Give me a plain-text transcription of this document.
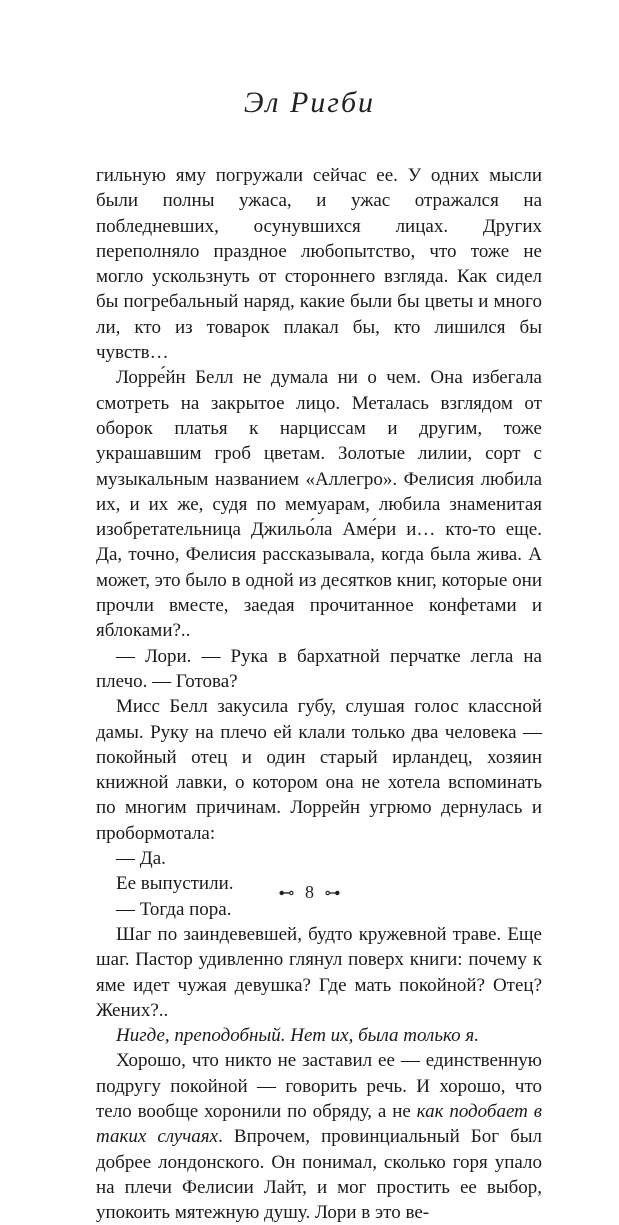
Эл Ригби

гильную яму погружали сейчас ее. У одних мысли были полны ужаса, и ужас отражался на побледневших, осунувшихся лицах. Других переполняло праздное любопытство, что тоже не могло ускользнуть от стороннего взгляда. Как сидел бы погребальный наряд, какие были бы цветы и много ли, кто из товарок плакал бы, кто лишился бы чувств…

Лорре́йн Белл не думала ни о чем. Она избегала смотреть на закрытое лицо. Металась взглядом от оборок платья к нарциссам и другим, тоже украшавшим гроб цветам. Золотые лилии, сорт с музыкальным названием «Аллегро». Фелисия любила их, и их же, судя по мемуарам, любила знаменитая изобретательница Джильо́ла Аме́ри и… кто-то еще. Да, точно, Фелисия рассказывала, когда была жива. А может, это было в одной из десятков книг, которые они прочли вместе, заедая прочитанное конфетами и яблоками?..

— Лори. — Рука в бархатной перчатке легла на плечо. — Готова?

Мисс Белл закусила губу, слушая голос классной дамы. Руку на плечо ей клали только два человека — покойный отец и один старый ирландец, хозяин книжной лавки, о котором она не хотела вспоминать по многим причинам. Лоррейн угрюмо дернулась и пробормотала:

— Да.

Ее выпустили.

— Тогда пора.

Шаг по заиндевевшей, будто кружевной траве. Еще шаг. Пастор удивленно глянул поверх книги: почему к яме идет чужая девушка? Где мать покойной? Отец? Жених?..

Нигде, преподобный. Нет их, была только я.

Хорошо, что никто не заставил ее — единственную подругу покойной — говорить речь. И хорошо, что тело вообще хоронили по обряду, а не как подобает в таких случаях. Впрочем, провинциальный Бог был добрее лондонского. Он понимал, сколько горя упало на плечи Фелисии Лайт, и мог простить ее выбор, упокоить мятежную душу. Лори в это ве-

⊷ 8 ⊶
